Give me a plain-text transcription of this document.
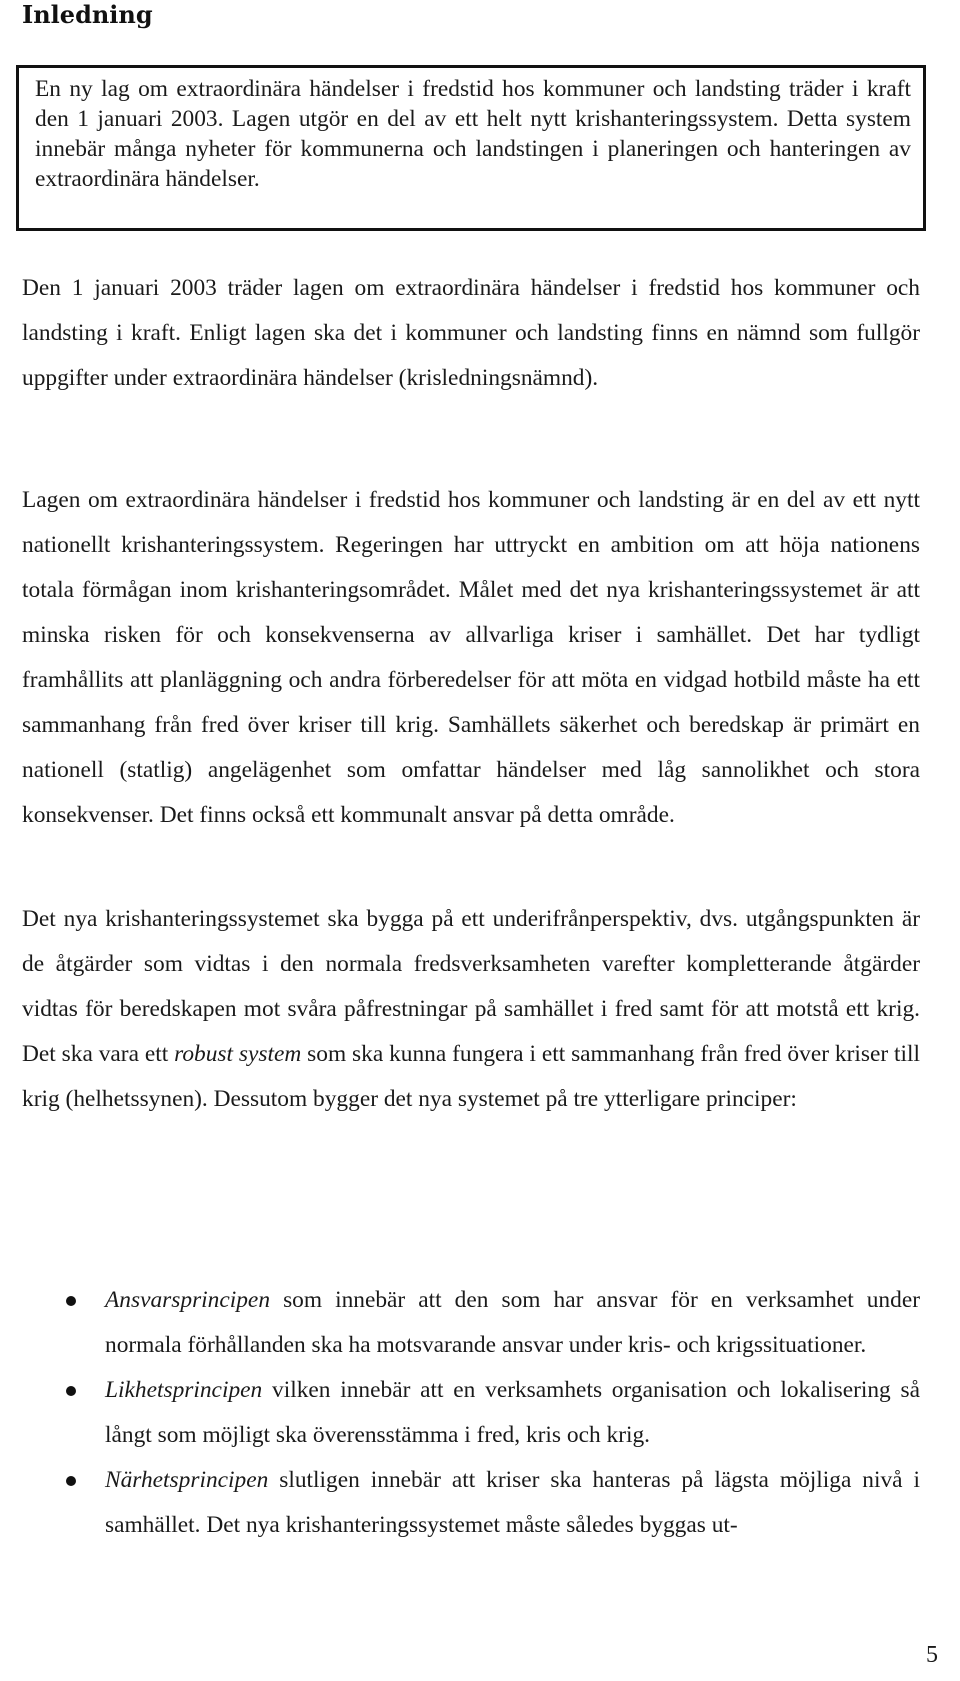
Inledning

En ny lag om extraordinära händelser i fredstid hos kommuner och landsting träder i kraft den 1 januari 2003. Lagen utgör en del av ett helt nytt krishanteringssystem. Detta system innebär många nyheter för kommunerna och landstingen i planeringen och hanteringen av extraordinära händelser.

Den 1 januari 2003 träder lagen om extraordinära händelser i fredstid hos kommuner och landsting i kraft. Enligt lagen ska det i kommuner och landsting finns en nämnd som fullgör uppgifter under extraordinära händelser (krisledningsnämnd).

Lagen om extraordinära händelser i fredstid hos kommuner och landsting är en del av ett nytt nationellt krishanteringssystem. Regeringen har uttryckt en ambition om att höja nationens totala förmågan inom krishanteringsområdet. Målet med det nya krishanteringssystemet är att minska risken för och konsekvenserna av allvarliga kriser i samhället. Det har tydligt framhållits att planläggning och andra förberedelser för att möta en vidgad hotbild måste ha ett sammanhang från fred över kriser till krig. Samhällets säkerhet och beredskap är primärt en nationell (statlig) angelägenhet som omfattar händelser med låg sannolikhet och stora konsekvenser. Det finns också ett kommunalt ansvar på detta område.

Det nya krishanteringssystemet ska bygga på ett underifrånperspektiv, dvs. utgångspunkten är de åtgärder som vidtas i den normala fredsverksamheten varefter kompletterande åtgärder vidtas för beredskapen mot svåra påfrestningar på samhället i fred samt för att motstå ett krig. Det ska vara ett robust system som ska kunna fungera i ett sammanhang från fred över kriser till krig (helhetssynen). Dessutom bygger det nya systemet på tre ytterligare principer:

Ansvarsprincipen som innebär att den som har ansvar för en verksamhet under normala förhållanden ska ha motsvarande ansvar under kris- och krigssituationer.
Likhetsprincipen vilken innebär att en verksamhets organisation och lokalisering så långt som möjligt ska överensstämma i fred, kris och krig.
Närhetsprincipen slutligen innebär att kriser ska hanteras på lägsta möjliga nivå i samhället. Det nya krishanteringssystemet måste således byggas ut-

5
